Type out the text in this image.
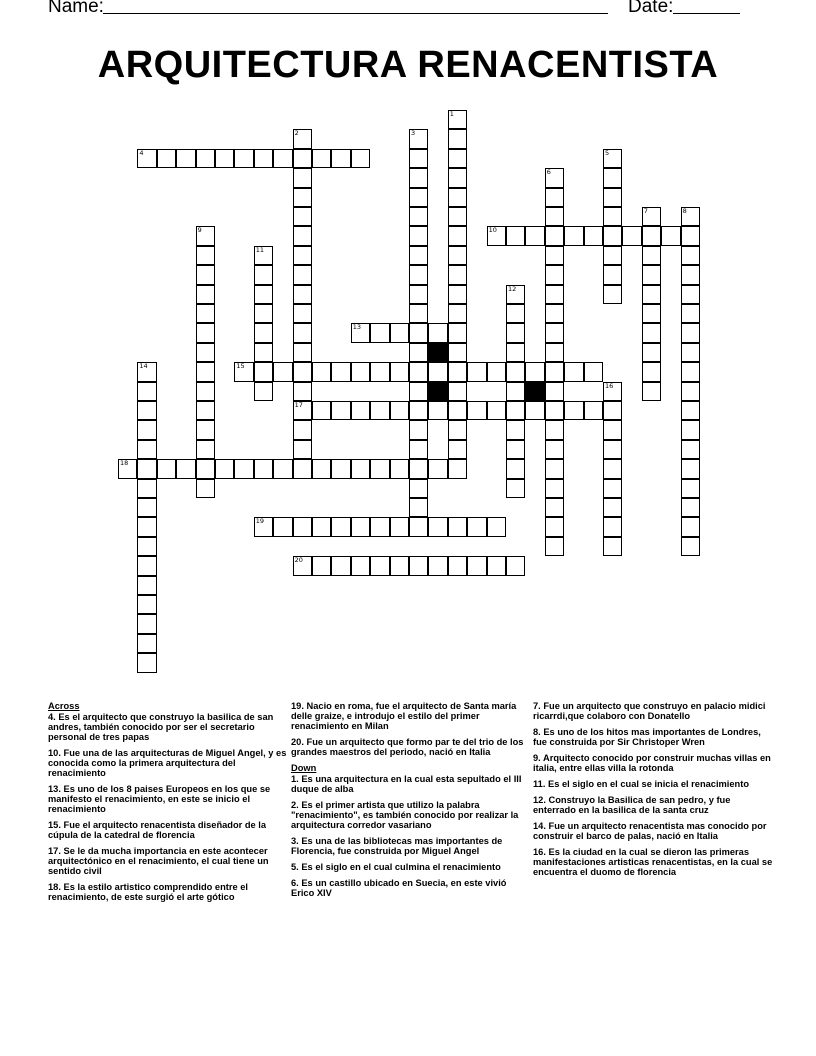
Name:	Date:
ARQUITECTURA RENACENTISTA
1
2
17
3
4	5
6
7	8
9	10
11
12
13
14	15
16
18
19
20
Across
4. Es el arquitecto que construyo la basilica de san andres, también conocido por ser el secretario personal de tres papas
10. Fue una de las arquitecturas de Miguel Angel, y es conocida como la primera arquitectura del renacimiento
13. Es uno de los 8 paises Europeos en los que se manifesto el renacimiento, en este se inicio el renacimiento
15. Fue el arquitecto renacentista diseñador de la cúpula de la catedral de florencia
17. Se le da mucha importancia en este acontecer arquitectónico en el renacimiento, el cual tiene un sentido civil
18. Es la estilo artistico comprendido entre el renacimiento, de este surgió el arte gótico
19. Nacio en roma, fue el arquitecto de Santa maría delle graize, e introdujo el estilo del primer renacimiento en Milan
20. Fue un arquitecto que formo par te del trio de los grandes maestros del periodo, nació en Italia
Down
1. Es una arquitectura en la cual esta sepultado el III duque de alba
2. Es el primer artista que utilizo la palabra "renacimiento", es también conocido por realizar la arquitectura corredor vasariano
3. Es una de las bibliotecas mas importantes de Florencia, fue construida por Miguel Angel
5. Es el siglo en el cual culmina el renacimiento
6. Es un castillo ubicado en Suecia, en este vivió Erico XIV
7. Fue un arquitecto que construyo en palacio midici ricarrdi,que colaboro con Donatello
8. Es uno de los hitos mas importantes de Londres, fue construida por Sir Christoper Wren
9. Arquitecto conocido por construir muchas villas en italia, entre ellas villa la rotonda
11. Es el siglo en el cual se inicia el renacimiento
12. Construyo la Basilica de san pedro, y fue enterrado en la basilica de la santa cruz
14. Fue un arquitecto renacentista mas conocido por construir el barco de palas, nació en Italia
16. Es la ciudad en la cual se dieron las primeras manifestaciones artisticas renacentistas, en la cual se encuentra el duomo de florencia
